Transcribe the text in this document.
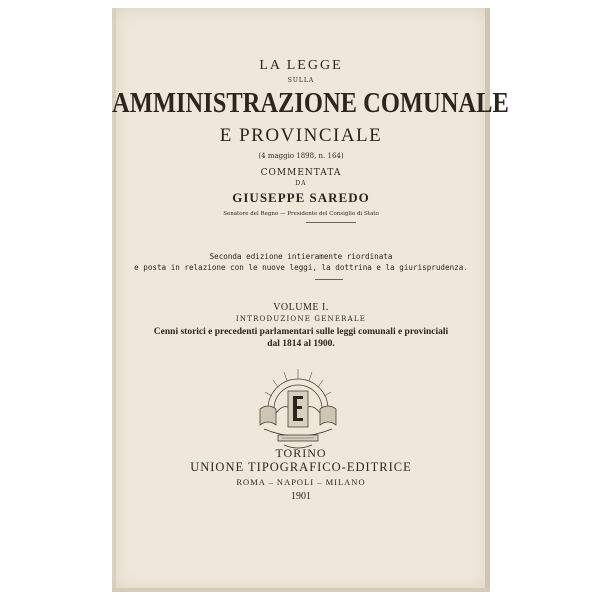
LA LEGGE
SULLA
AMMINISTRAZIONE COMUNALE
E PROVINCIALE
(4 maggio 1898, n. 164)
COMMENTATA
DA
GIUSEPPE SAREDO
Senatore del Regno — Presidente del Consiglio di Stato
Seconda edizione intieramente riordinata
e posta in relazione con le nuove leggi, la dottrina e la giurisprudenza.
VOLUME I.
INTRODUZIONE GENERALE
Cenni storici e precedenti parlamentari sulle leggi comunali e provinciali
dal 1814 al 1900.
TORINO
UNIONE TIPOGRAFICO-EDITRICE
ROMA – NAPOLI – MILANO
1901
